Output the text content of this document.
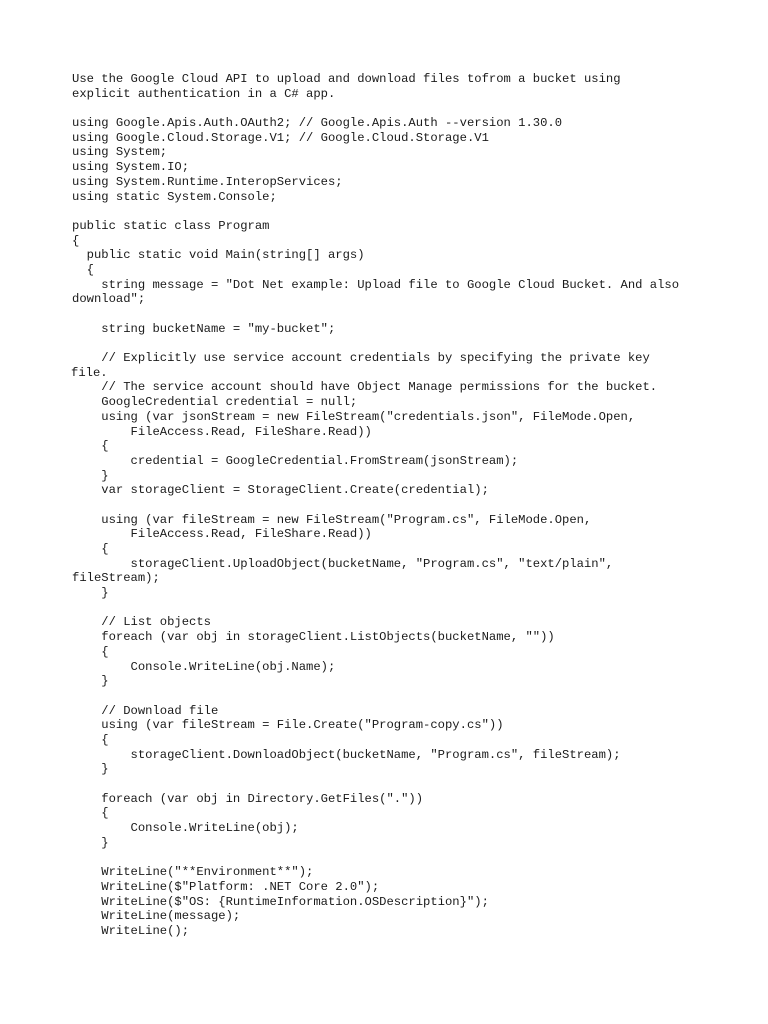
Use the Google Cloud API to upload and download files tofrom a bucket using
explicit authentication in a C# app.
using Google.Apis.Auth.OAuth2; // Google.Apis.Auth --version 1.30.0
using Google.Cloud.Storage.V1; // Google.Cloud.Storage.V1
using System;
using System.IO;
using System.Runtime.InteropServices;
using static System.Console;
public static class Program
{
public static void Main(string[] args)
{
string message = "Dot Net example: Upload file to Google Cloud Bucket. And also
download";
string bucketName = "my-bucket";
// Explicitly use service account credentials by specifying the private key
file.
// The service account should have Object Manage permissions for the bucket.
GoogleCredential credential = null;
using (var jsonStream = new FileStream("credentials.json", FileMode.Open,
FileAccess.Read, FileShare.Read))
{
credential = GoogleCredential.FromStream(jsonStream);
}
var storageClient = StorageClient.Create(credential);
using (var fileStream = new FileStream("Program.cs", FileMode.Open,
FileAccess.Read, FileShare.Read))
{
storageClient.UploadObject(bucketName, "Program.cs", "text/plain",
fileStream);
}
// List objects
foreach (var obj in storageClient.ListObjects(bucketName, ""))
{
Console.WriteLine(obj.Name);
}
// Download file
using (var fileStream = File.Create("Program-copy.cs"))
{
storageClient.DownloadObject(bucketName, "Program.cs", fileStream);
}
foreach (var obj in Directory.GetFiles("."))
{
Console.WriteLine(obj);
}
WriteLine("**Environment**");
WriteLine($"Platform: .NET Core 2.0");
WriteLine($"OS: {RuntimeInformation.OSDescription}");
WriteLine(message);
WriteLine();
